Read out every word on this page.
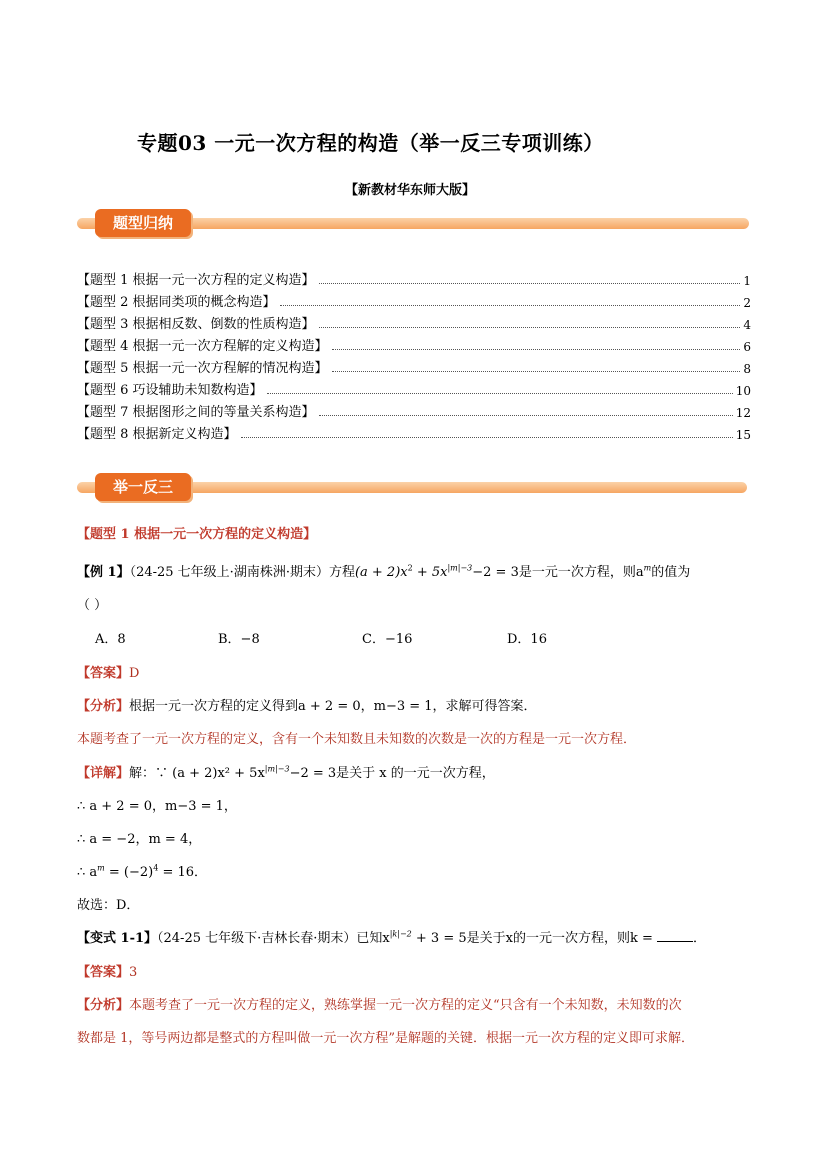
专题03 一元一次方程的构造（举一反三专项训练）
【新教材华东师大版】
题型归纳
【题型 1 根据一元一次方程的定义构造】	1
【题型 2 根据同类项的概念构造】	2
【题型 3 根据相反数、倒数的性质构造】	4
【题型 4 根据一元一次方程解的定义构造】	6
【题型 5 根据一元一次方程解的情况构造】	8
【题型 6 巧设辅助未知数构造】	10
【题型 7 根据图形之间的等量关系构造】	12
【题型 8 根据新定义构造】	15
举一反三
【题型 1 根据一元一次方程的定义构造】
【例 1】（24-25 七年级上·湖南株洲·期末）方程$(a + 2)x^2 + 5x^{|m|-3}-2 = 3$是一元一次方程，则$a^m$的值为
（ ）
A．8	B．−8	C．−16	D．16
【答案】D
【分析】根据一元一次方程的定义得到a + 2 = 0，m−3 = 1，求解可得答案．
本题考查了一元一次方程的定义，含有一个未知数且未知数的次数是一次的方程是一元一次方程．
【详解】解：∵ $(a + 2)x^2 + 5x^{|m|-3}-2 = 3$是关于 x 的一元一次方程，
∴ a + 2 = 0，m−3 = 1，
∴ a = −2，m = 4，
∴ $a^m = (-2)^4 = 16$．
故选：D．
【变式 1-1】（24-25 七年级下·吉林长春·期末）已知$x^{|k|-2} + 3 = 5$是关于x的一元一次方程，则k =	．
【答案】3
【分析】本题考查了一元一次方程的定义，熟练掌握一元一次方程的定义“只含有一个未知数，未知数的次
数都是 1，等号两边都是整式的方程叫做一元一次方程”是解题的关键．根据一元一次方程的定义即可求解．
